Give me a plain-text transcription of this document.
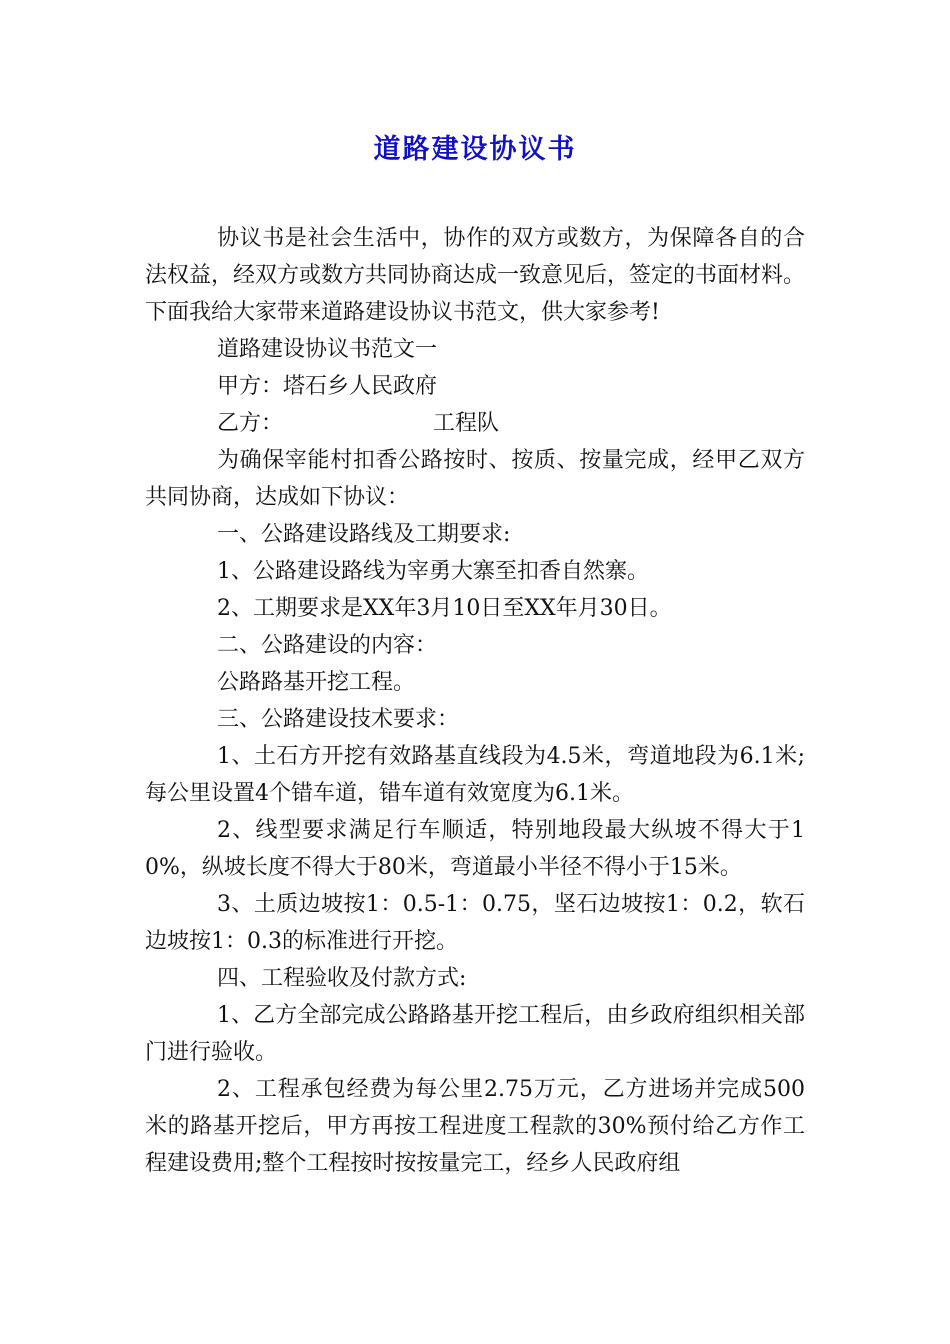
道路建设协议书

协议书是社会生活中，协作的双方或数方，为保障各自的合法权益，经双方或数方共同协商达成一致意见后，签定的书面材料。下面我给大家带来道路建设协议书范文，供大家参考!

道路建设协议书范文一

甲方：塔石乡人民政府

乙方：	工程队

为确保宰能村扣香公路按时、按质、按量完成，经甲乙双方共同协商，达成如下协议：

一、公路建设路线及工期要求:

1、公路建设路线为宰勇大寨至扣香自然寨。

2、工期要求是XX年3月10日至XX年月30日。

二、公路建设的内容：

公路路基开挖工程。

三、公路建设技术要求：

1、土石方开挖有效路基直线段为4.5米，弯道地段为6.1米;每公里设置4个错车道，错车道有效宽度为6.1米。

2、线型要求满足行车顺适，特别地段最大纵坡不得大于10%，纵坡长度不得大于80米，弯道最小半径不得小于15米。

3、土质边坡按1：0.5-1：0.75，坚石边坡按1：0.2，软石边坡按1：0.3的标准进行开挖。

四、工程验收及付款方式:

1、乙方全部完成公路路基开挖工程后，由乡政府组织相关部门进行验收。

2、工程承包经费为每公里2.75万元，乙方进场并完成500米的路基开挖后，甲方再按工程进度工程款的30%预付给乙方作工程建设费用;整个工程按时按按量完工，经乡人民政府组
